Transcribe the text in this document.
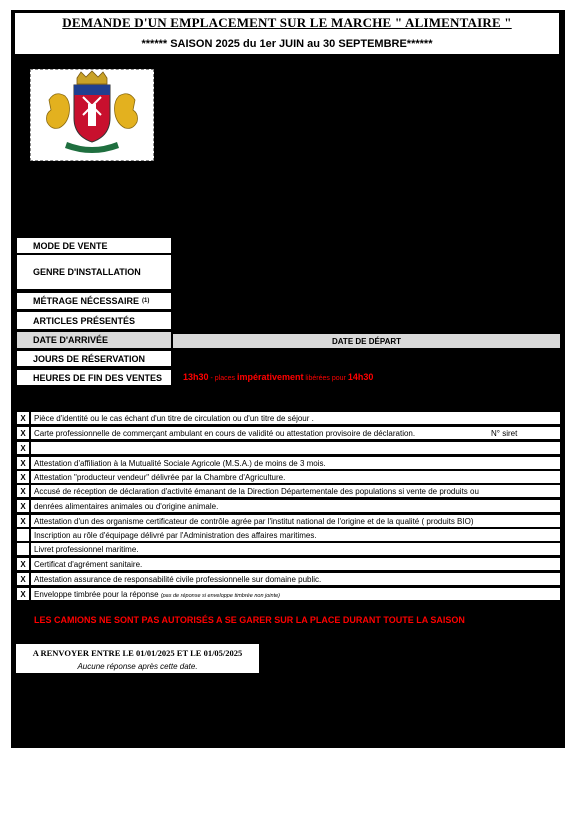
DEMANDE D'UN EMPLACEMENT SUR LE MARCHE " ALIMENTAIRE "
****** SAISON 2025 du 1er JUIN au 30 SEPTEMBRE******
MODE DE VENTE
GENRE D'INSTALLATION
MÉTRAGE NÉCESSAIRE (1)
ARTICLES PRÉSENTÉS
DATE D'ARRIVÉE	DATE DE DÉPART
JOURS DE RÉSERVATION
HEURES DE FIN DES VENTES 13h30 - places impérativement libérées pour 14h30
X	Pièce d'identité ou le cas échant d'un titre de circulation ou d'un titre de séjour .
X	Carte professionnelle de commerçant ambulant en cours de validité ou attestation provisoire de déclaration.	N° siret
X
X	Attestation d'affiliation à la Mutualité Sociale Agricole (M.S.A.) de moins de 3 mois.
X	Attestation "producteur vendeur" délivrée par la Chambre d'Agriculture.
X	Accusé de réception de déclaration d'activité émanant de la Direction Départementale des populations si vente de produits ou
X	denrées alimentaires animales ou d'origine animale.
X	Attestation d'un des organisme certificateur de contrôle agrée par l'institut national de l'origine et de la qualité ( produits BIO)
Inscription au rôle d'équipage délivré par l'Administration des affaires maritimes.
Livret professionnel maritime.
X	Certificat d'agrément sanitaire.
X	Attestation assurance de responsabilité civile professionnelle sur domaine public.
X	Enveloppe timbrée pour la réponse (pas de réponse si enveloppe timbrée non jointe)
LES CAMIONS NE SONT PAS AUTORISÉS A SE GARER SUR LA PLACE DURANT TOUTE LA SAISON
A RENVOYER ENTRE LE 01/01/2025 ET LE 01/05/2025
Aucune réponse après cette date.
